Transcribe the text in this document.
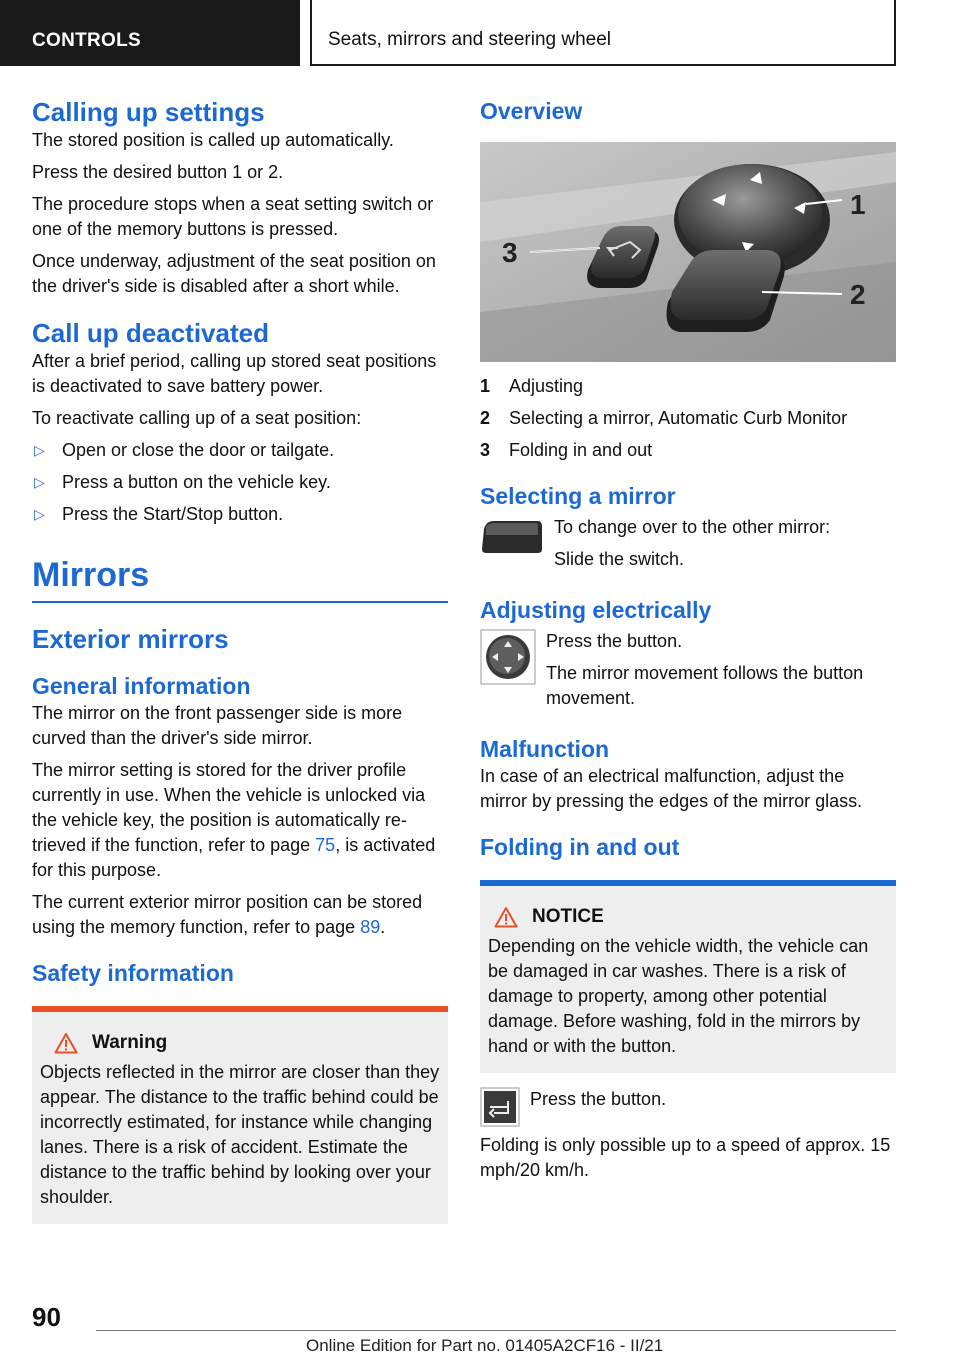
CONTROLS	Seats, mirrors and steering wheel
Calling up settings

The stored position is called up automatically.

Press the desired button 1 or 2.

The procedure stops when a seat setting switch or one of the memory buttons is pressed.

Once underway, adjustment of the seat position on the driver's side is disabled after a short while.

Call up deactivated

After a brief period, calling up stored seat positions is deactivated to save battery power.

To reactivate calling up of a seat position:

▷ Open or close the door or tailgate.
▷ Press a button on the vehicle key.
▷ Press the Start/Stop button.
Mirrors
Exterior mirrors
General information

The mirror on the front passenger side is more curved than the driver's side mirror.

The mirror setting is stored for the driver profile currently in use. When the vehicle is unlocked via the vehicle key, the position is automatically retrieved if the function, refer to page 75, is activated for this purpose.

The current exterior mirror position can be stored using the memory function, refer to page 89.

Safety information
Warning

Objects reflected in the mirror are closer than they appear. The distance to the traffic behind could be incorrectly estimated, for instance while changing lanes. There is a risk of accident. Estimate the distance to the traffic behind by looking over your shoulder.

Overview
3
1
2
1	Adjusting
2	Selecting a mirror, Automatic Curb Monitor
3	Folding in and out
Selecting a mirror

To change over to the other mirror:

Slide the switch.

Adjusting electrically

Press the button.

The mirror movement follows the button movement.

Malfunction

In case of an electrical malfunction, adjust the mirror by pressing the edges of the mirror glass.

Folding in and out
NOTICE

Depending on the vehicle width, the vehicle can be damaged in car washes. There is a risk of damage to property, among other potential damage. Before washing, fold in the mirrors by hand or with the button.

Press the button.

Folding is only possible up to a speed of approx. 15 mph/20 km/h.

90
Online Edition for Part no. 01405A2CF16 - II/21
